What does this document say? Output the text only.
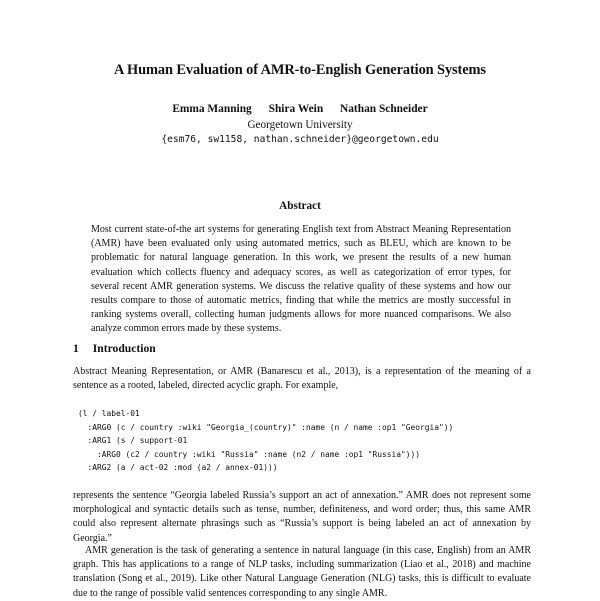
A Human Evaluation of AMR-to-English Generation Systems
Emma Manning Shira Wein Nathan Schneider
Georgetown University
{esm76, sw1158, nathan.schneider}@georgetown.edu
Abstract

Most current state-of-the art systems for generating English text from Abstract Meaning Representation (AMR) have been evaluated only using automated metrics, such as BLEU, which are known to be problematic for natural language generation. In this work, we present the results of a new human evaluation which collects fluency and adequacy scores, as well as categorization of error types, for several recent AMR generation systems. We discuss the relative quality of these systems and how our results compare to those of automatic metrics, finding that while the metrics are mostly successful in ranking systems overall, collecting human judgments allows for more nuanced comparisons. We also analyze common errors made by these systems.

1 Introduction

Abstract Meaning Representation, or AMR (Banarescu et al., 2013), is a representation of the meaning of a sentence as a rooted, labeled, directed acyclic graph. For example,

(l / label-01
:ARG0 (c / country :wiki "Georgia_(country)" :name (n / name :op1 "Georgia"))
:ARG1 (s / support-01
:ARG0 (c2 / country :wiki "Russia" :name (n2 / name :op1 "Russia")))
:ARG2 (a / act-02 :mod (a2 / annex-01)))

represents the sentence “Georgia labeled Russia’s support an act of annexation.” AMR does not represent some morphological and syntactic details such as tense, number, definiteness, and word order; thus, this same AMR could also represent alternate phrasings such as “Russia’s support is being labeled an act of annexation by Georgia.”

AMR generation is the task of generating a sentence in natural language (in this case, English) from an AMR graph. This has applications to a range of NLP tasks, including summarization (Liao et al., 2018) and machine translation (Song et al., 2019). Like other Natural Language Generation (NLG) tasks, this is difficult to evaluate due to the range of possible valid sentences corresponding to any single AMR.
